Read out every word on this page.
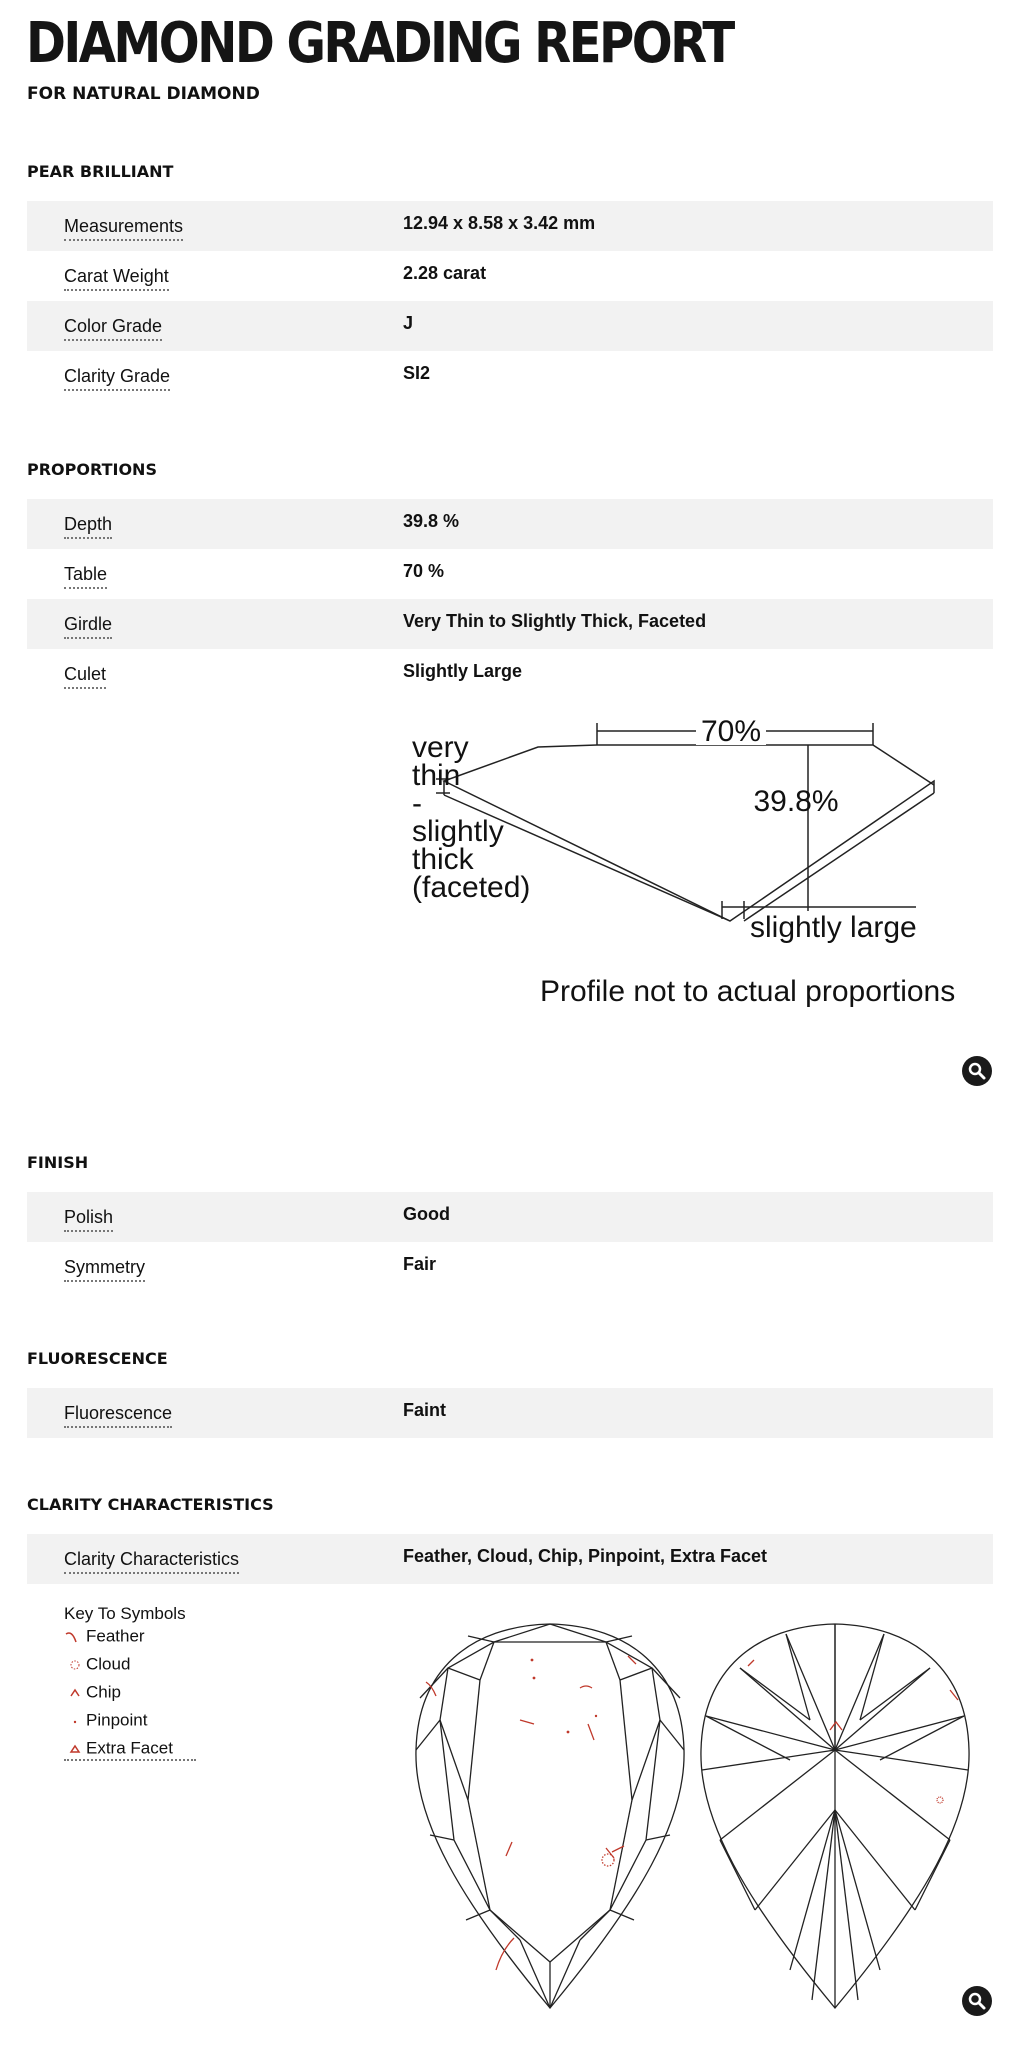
DIAMOND GRADING REPORT
FOR NATURAL DIAMOND
PEAR BRILLIANT
Measurements	12.94 x 8.58 x 3.42 mm
Carat Weight	2.28 carat
Color Grade	J
Clarity Grade	SI2
PROPORTIONS
Depth	39.8 %
Table	70 %
Girdle	Very Thin to Slightly Thick, Faceted
Culet	Slightly Large
70%
39.8%
very
thin
-
slightly
thick
(faceted)
slightly large
Profile not to actual proportions
FINISH
Polish	Good
Symmetry	Fair
FLUORESCENCE
Fluorescence	Faint
CLARITY CHARACTERISTICS
Clarity Characteristics	Feather, Cloud, Chip, Pinpoint, Extra Facet
Key To Symbols
Feather
Cloud
Chip
Pinpoint
Extra Facet
